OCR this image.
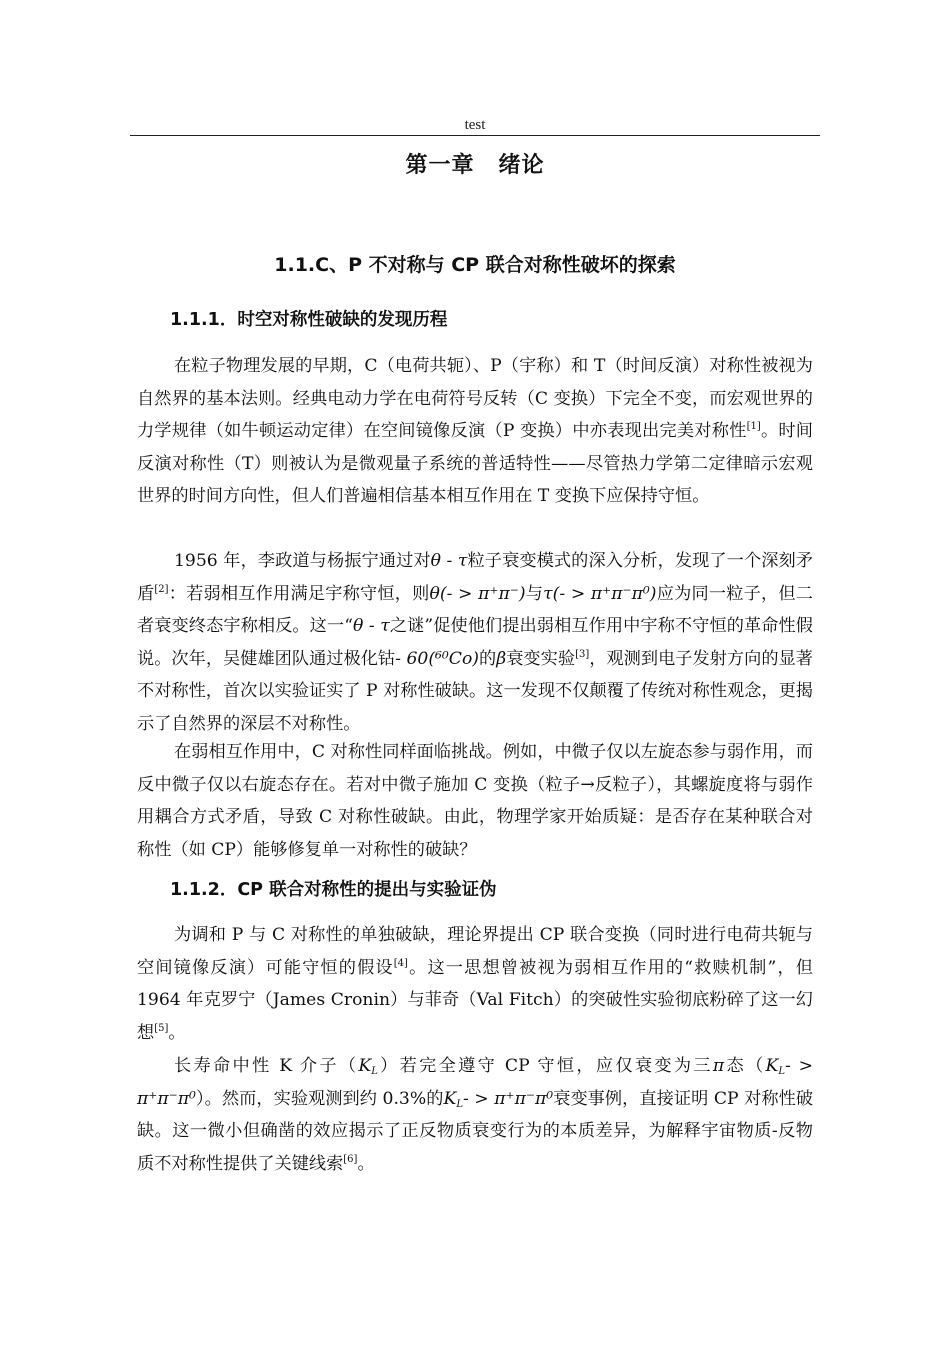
test
第一章 绪论
1.1.C、P 不对称与 CP 联合对称性破坏的探索
1.1.1．时空对称性破缺的发现历程

在粒子物理发展的早期，C（电荷共轭）、P（宇称）和 T（时间反演）对称性被视为自然界的基本法则。经典电动力学在电荷符号反转（C 变换）下完全不变，而宏观世界的力学规律（如牛顿运动定律）在空间镜像反演（P 变换）中亦表现出完美对称性[1]。时间反演对称性（T）则被认为是微观量子系统的普适特性——尽管热力学第二定律暗示宏观世界的时间方向性，但人们普遍相信基本相互作用在 T 变换下应保持守恒。

1956 年，李政道与杨振宁通过对θ - τ粒子衰变模式的深入分析，发现了一个深刻矛盾[2]：若弱相互作用满足宇称守恒，则θ(- > π⁺π⁻)与τ(- > π⁺π⁻π⁰)应为同一粒子，但二者衰变终态宇称相反。这一“θ - τ之谜”促使他们提出弱相互作用中宇称不守恒的革命性假说。次年，吴健雄团队通过极化钴- 60(⁶⁰Co)的β衰变实验[3]，观测到电子发射方向的显著不对称性，首次以实验证实了 P 对称性破缺。这一发现不仅颠覆了传统对称性观念，更揭示了自然界的深层不对称性。

在弱相互作用中，C 对称性同样面临挑战。例如，中微子仅以左旋态参与弱作用，而反中微子仅以右旋态存在。若对中微子施加 C 变换（粒子→反粒子），其螺旋度将与弱作用耦合方式矛盾，导致 C 对称性破缺。由此，物理学家开始质疑：是否存在某种联合对称性（如 CP）能够修复单一对称性的破缺？

1.1.2．CP 联合对称性的提出与实验证伪

为调和 P 与 C 对称性的单独破缺，理论界提出 CP 联合变换（同时进行电荷共轭与空间镜像反演）可能守恒的假设[4]。这一思想曾被视为弱相互作用的“救赎机制”，但 1964 年克罗宁（James Cronin）与菲奇（Val Fitch）的突破性实验彻底粉碎了这一幻想[5]。

长寿命中性 K 介子$(K_L)$若完全遵守 CP 守恒，应仅衰变为三π态$(K_L- > \pi^+\pi^-\pi^0)$。然而，实验观测到约 0.3%的$K_L- > \pi^+\pi^-\pi^0$衰变事例，直接证明 CP 对称性破缺。这一微小但确凿的效应揭示了正反物质衰变行为的本质差异，为解释宇宙物质-反物质不对称性提供了关键线索[6]。
